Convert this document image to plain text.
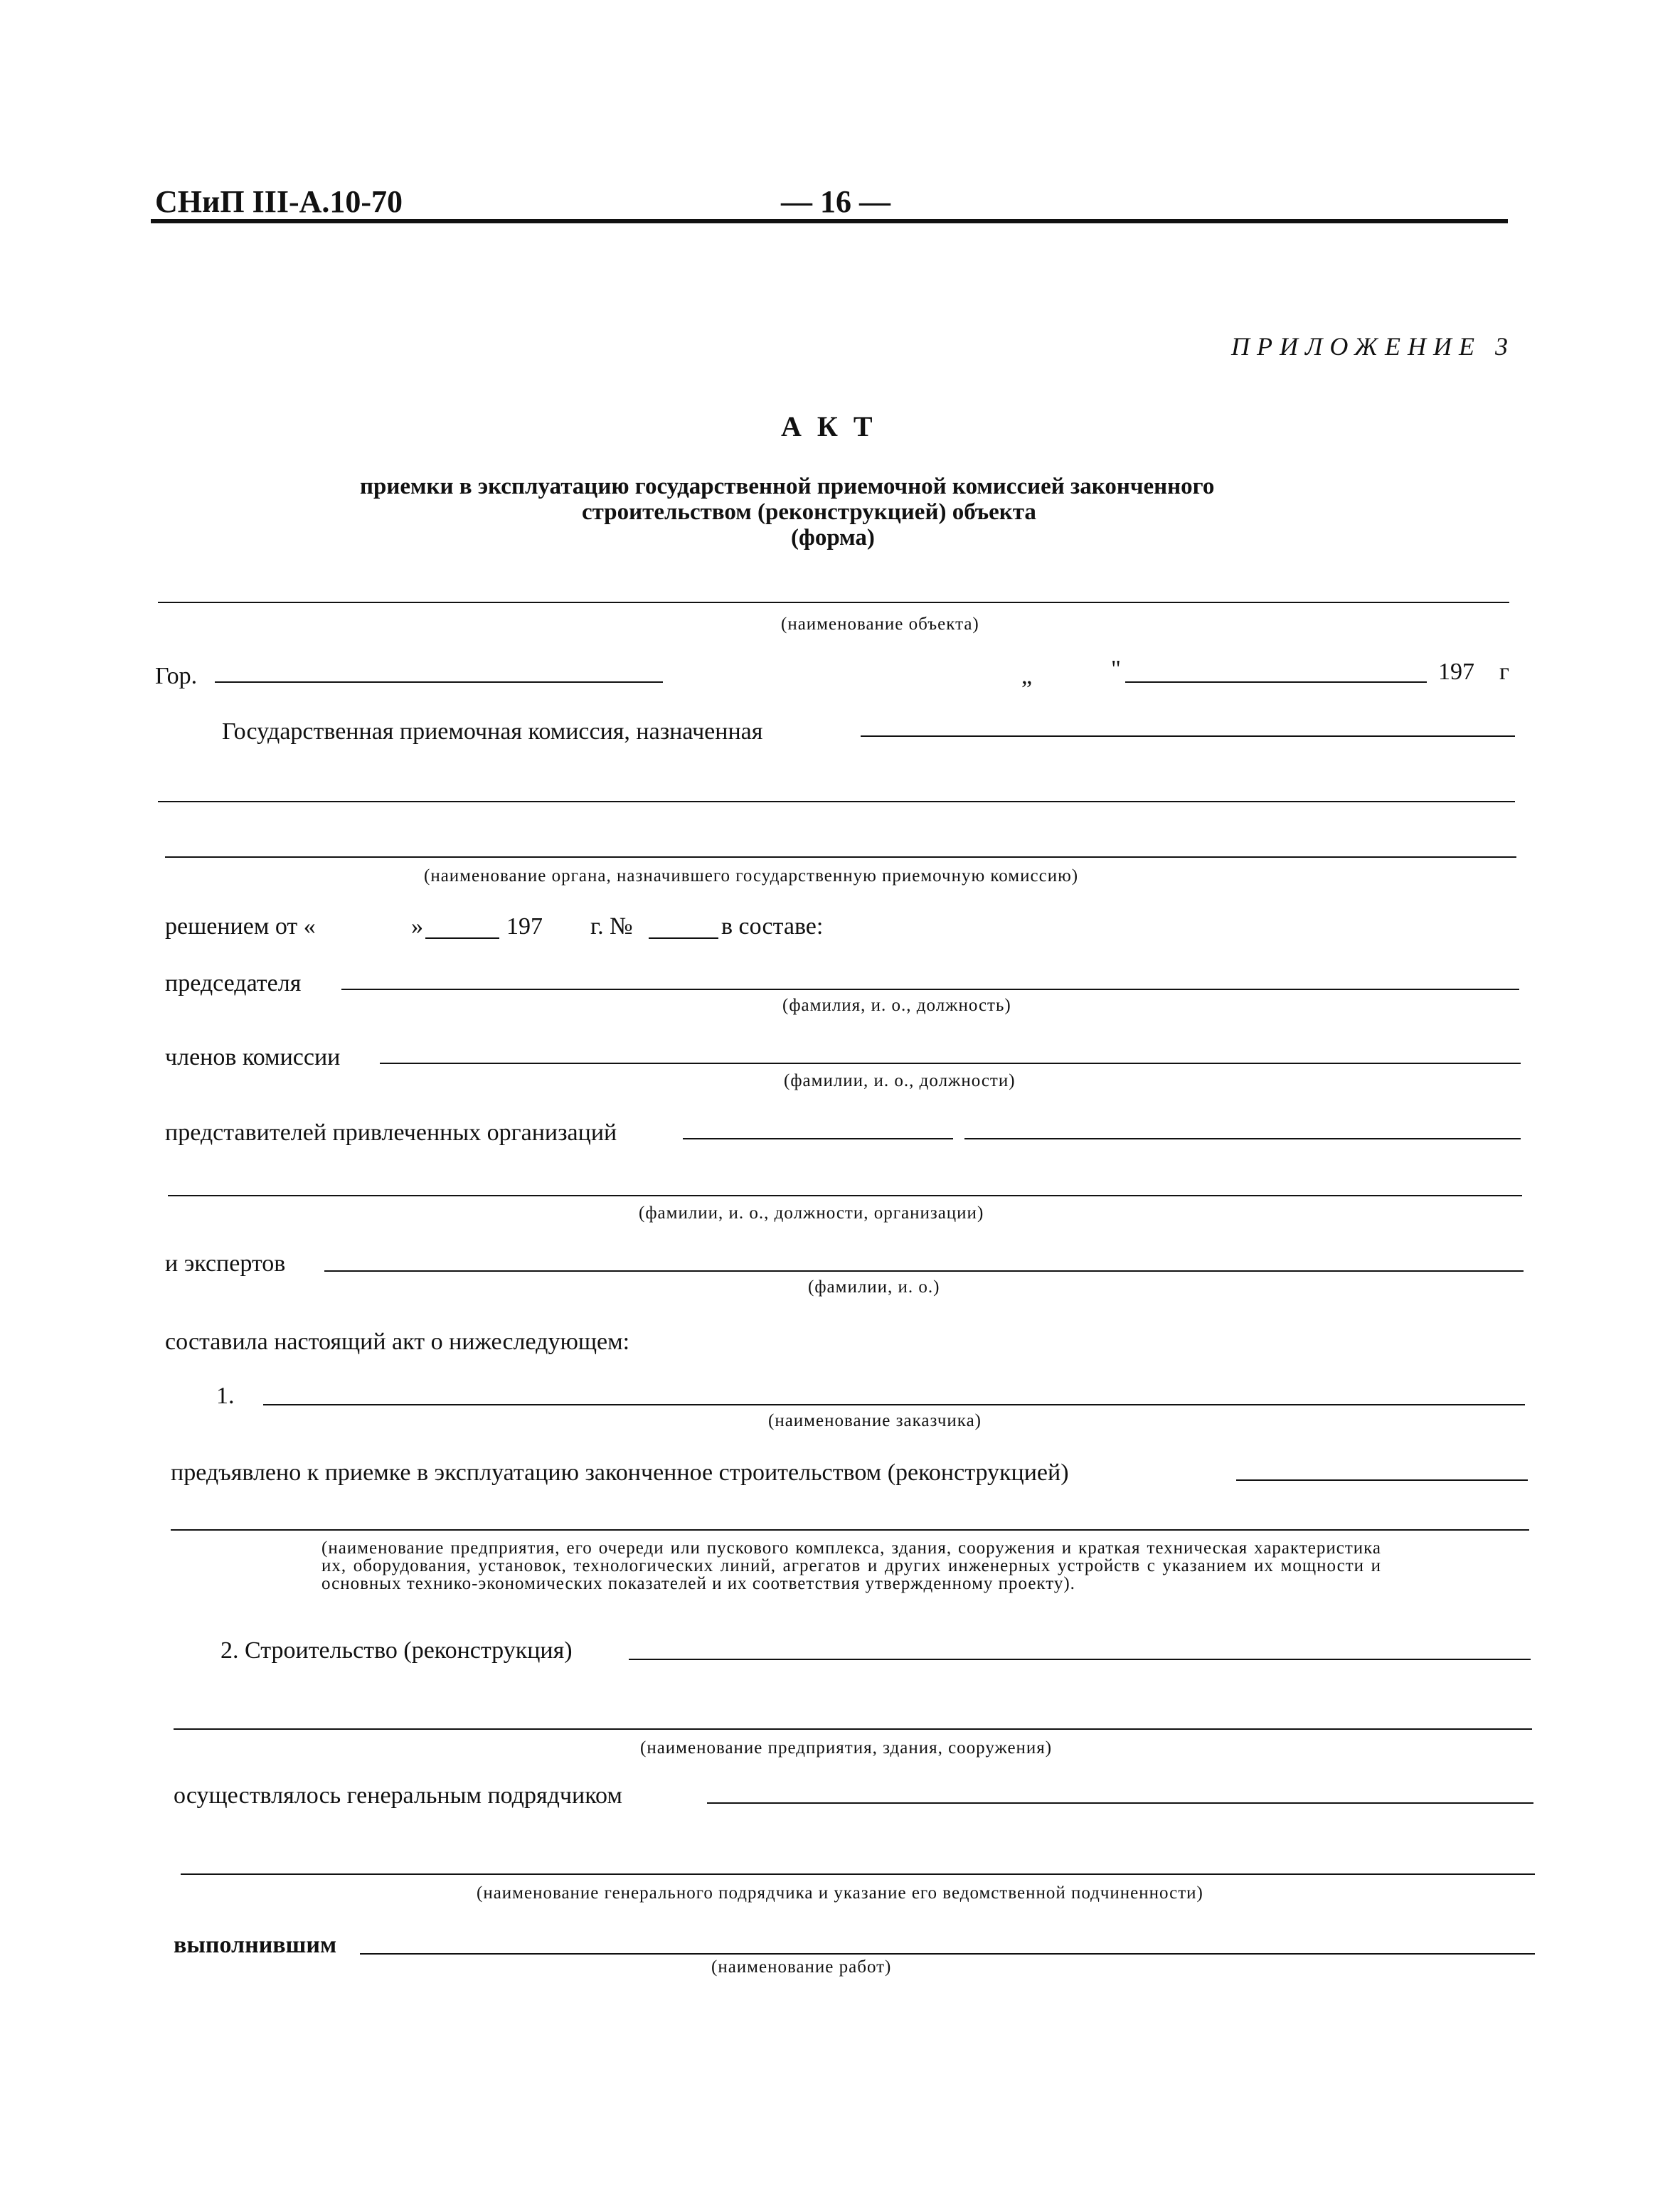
СНиП III-А.10-70	— 16 —
ПРИЛОЖЕНИЕ 3
А К Т
приемки в эксплуатацию государственной приемочной комиссией законченного
строительством (реконструкцией) объекта
(форма)
(наименование объекта)
Гор.	„	"	197 г
Государственная приемочная комиссия, назначенная
(наименование органа, назначившего государственную приемочную комиссию)
решением от «	»	197 г. №	в составе:
председателя
(фамилия, и. о., должность)
членов комиссии
(фамилии, и. о., должности)
представителей привлеченных организаций
(фамилии, и. о., должности, организации)
и экспертов
(фамилии, и. о.)
составила настоящий акт о нижеследующем:
1.
(наименование заказчика)
предъявлено к приемке в эксплуатацию законченное строительством (реконструкцией)
(наименование предприятия, его очереди или пускового комплекса, здания, сооружения и краткая техническая характеристика их, оборудования, установок, технологических линий, агрегатов и других инженерных устройств с указанием их мощности и основных технико-экономических показателей и их соответствия утвержденному проекту).
2. Строительство (реконструкция)
(наименование предприятия, здания, сооружения)
осуществлялось генеральным подрядчиком
(наименование генерального подрядчика и указание его ведомственной подчиненности)
выполнившим
(наименование работ)
